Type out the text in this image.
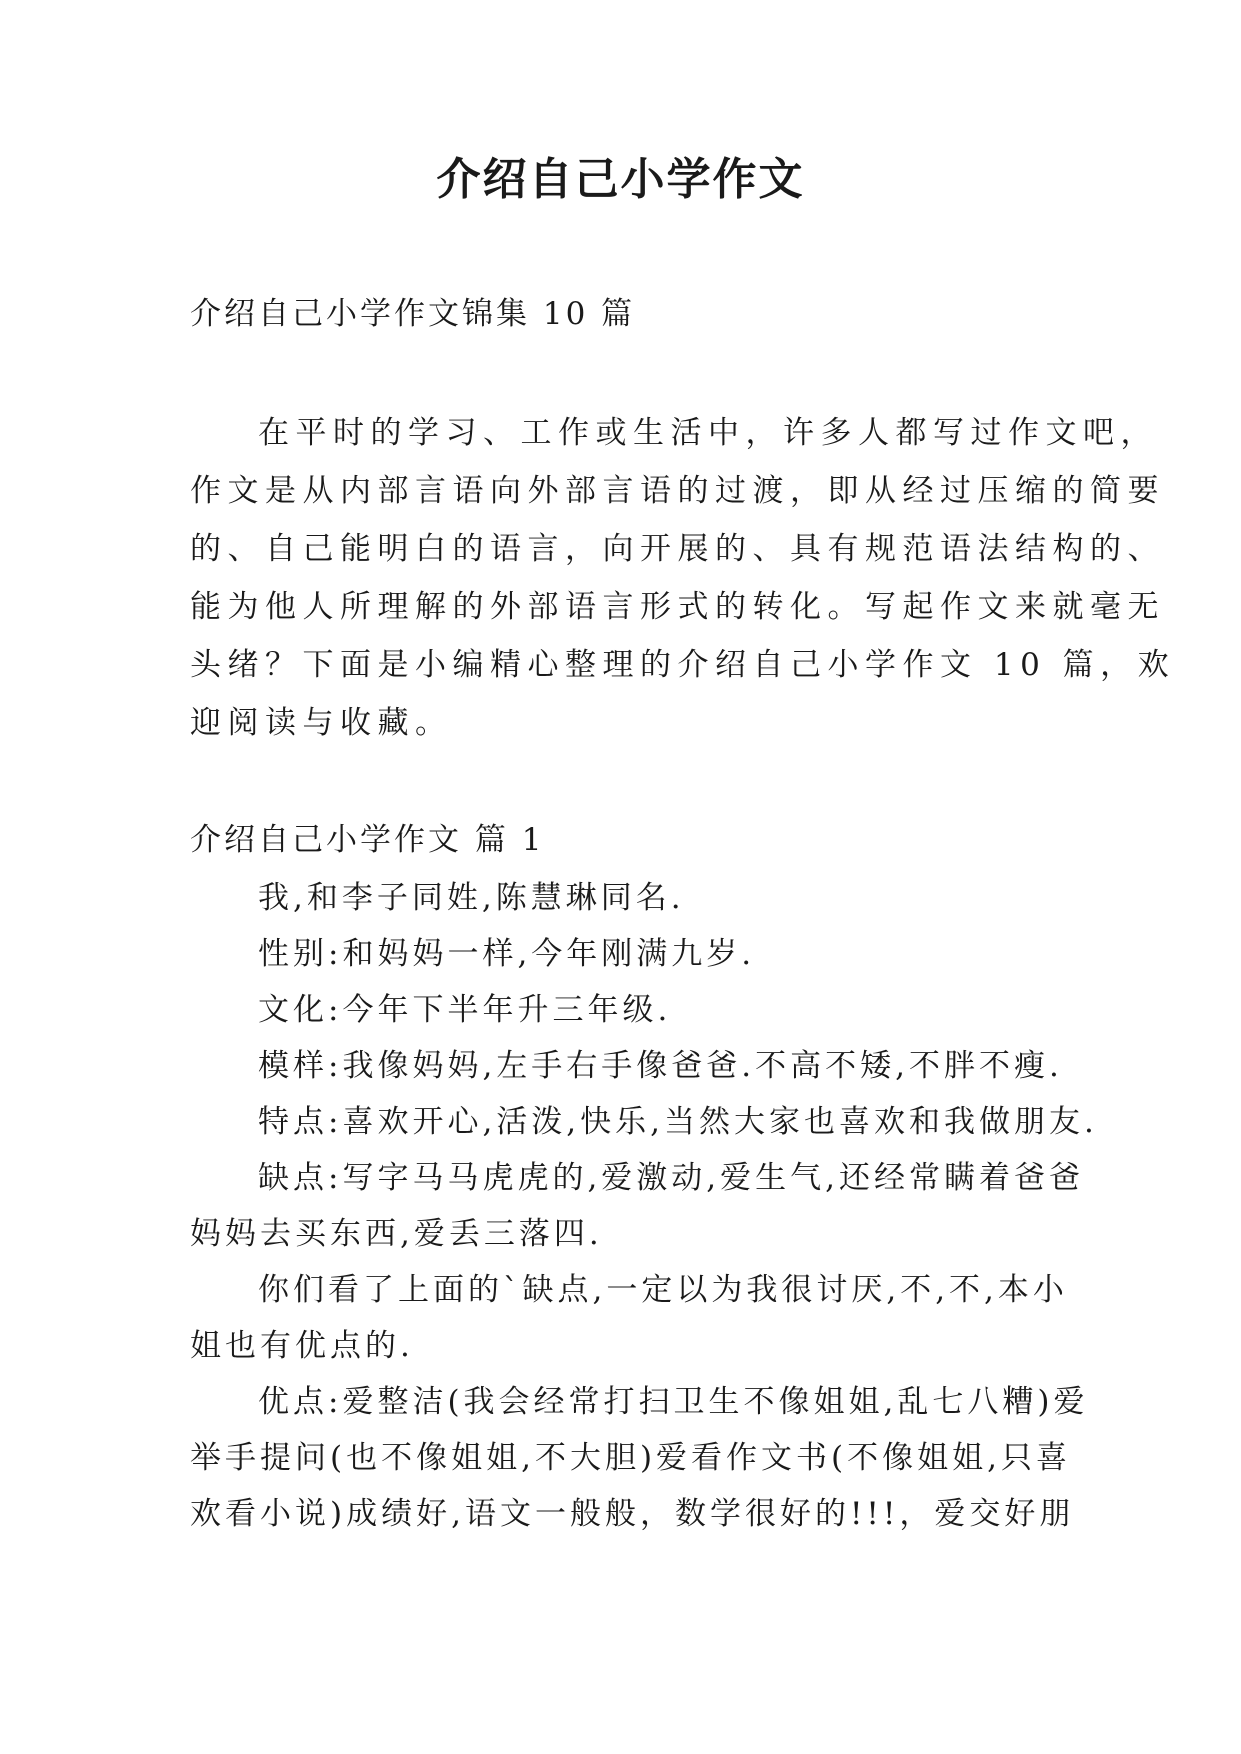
介绍自己小学作文
介绍自己小学作文锦集 10 篇
在平时的学习、工作或生活中，许多人都写过作文吧，
作文是从内部言语向外部言语的过渡，即从经过压缩的简要
的、自己能明白的语言，向开展的、具有规范语法结构的、
能为他人所理解的外部语言形式的转化。写起作文来就毫无
头绪？下面是小编精心整理的介绍自己小学作文 10 篇，欢
迎阅读与收藏。
介绍自己小学作文 篇 1
我,和李子同姓,陈慧琳同名.
性别:和妈妈一样,今年刚满九岁.
文化:今年下半年升三年级.
模样:我像妈妈,左手右手像爸爸.不高不矮,不胖不瘦.
特点:喜欢开心,活泼,快乐,当然大家也喜欢和我做朋友.
缺点:写字马马虎虎的,爱激动,爱生气,还经常瞒着爸爸
妈妈去买东西,爱丢三落四.
你们看了上面的`缺点,一定以为我很讨厌,不,不,本小
姐也有优点的.
优点:爱整洁(我会经常打扫卫生不像姐姐,乱七八糟)爱
举手提问(也不像姐姐,不大胆)爱看作文书(不像姐姐,只喜
欢看小说)成绩好,语文一般般，数学很好的!!!，爱交好朋
